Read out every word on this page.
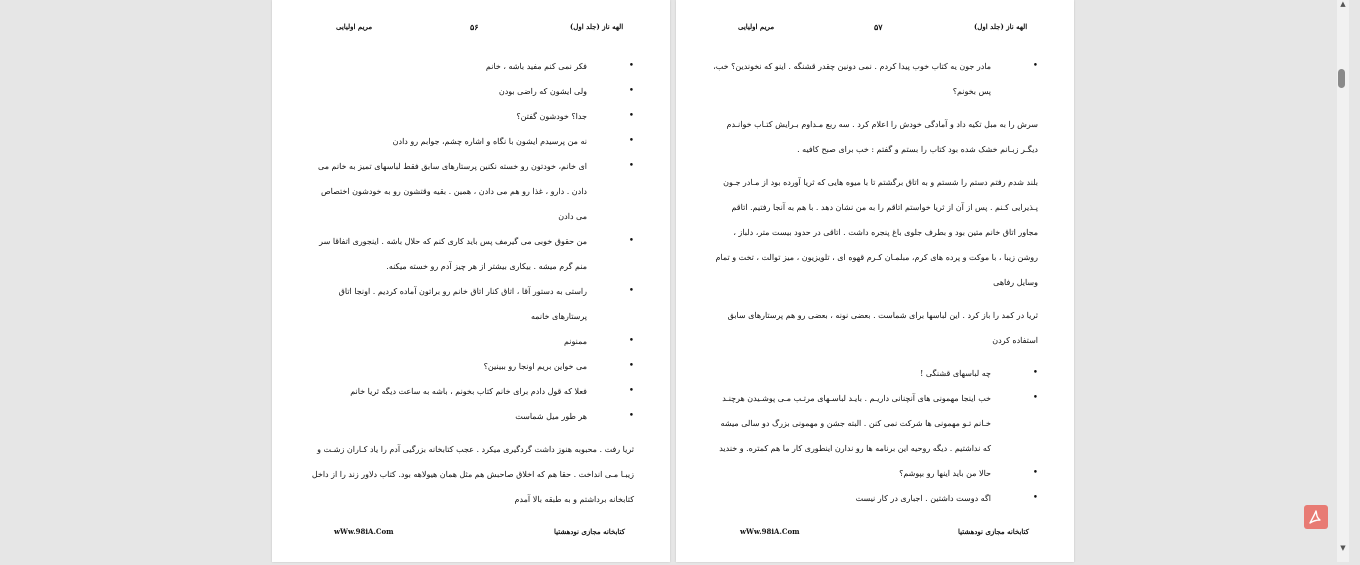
مریم اولیایی	۵۶	الهه ناز (جلد اول)
• فکر نمی کنم مفید باشه ، خانم
• ولی ایشون که راضی بودن
• جدا؟ خودشون گفتن؟
• نه من پرسیدم ایشون با نگاه و اشاره چشم، جوابم رو دادن
• ای خانم، خودتون رو خسته نکنین پرستارهای سابق فقط لباسهای تمیز به خانم می دادن . دارو ، غذا رو هم می دادن ، همین . بقیه وقتشون رو به خودشون اختصاص می دادن
• من حقوق خوبی می گیرمف پس باید کاری کنم که حلال باشه . اینجوری اتفاقا سر منم گرم میشه . بیکاری بیشتر از هر چیز آدم رو خسته میکنه.
• راستی به دستور آقا ، اتاق کنار اتاق خانم رو براتون آماده کردیم . اونجا اتاق پرستارهای خانمه
• ممنونم
• می خواین بریم اونجا رو ببینین؟
• فعلا که قول دادم برای خانم کتاب بخونم ، باشه به ساعت دیگه ثریا خانم
• هر طور میل شماست

ثریا رفت . محبوبه هنوز داشت گردگیری میکرد . عجب کتابخانه بزرگیی آدم را یاد کـاران زشـت و زیبـا مـی انداخت . حقا هم که اخلاق صاحبش هم مثل همان هیولاهه بود. کتاب دلاور زند را از داخل کتابخانه برداشتم و به طبقه بالا آمدم

wWw.98iA.Com	کتابخانه مجازی نودهشتیا
مریم اولیایی	۵۷	الهه ناز (جلد اول)
• مادر جون یه کتاب خوب پیدا کردم . نمی دونین چقدر قشنگه . اینو که نخوندین؟ خب، پس بخونم؟

سرش را به مبل تکیه داد و آمادگی خودش را اعلام کرد . سه ربع مـداوم بـرایش کتـاب خوانـدم دیگـر زبـانم خشک شده بود کتاب را بستم و گفتم : خب برای صبح کافیه .

بلند شدم رفتم دستم را شستم و به اتاق برگشتم تا با میوه هایی که ثریا آورده بود از مـادر جـون پـذیرایی کـنم . پس از آن از ثریا خواستم اتاقم را به من نشان دهد . با هم به آنجا رفتیم. اتاقم مجاور اتاق خانم متین بود و بطرف جلوی باغ پنجره داشت . اتاقی در حدود بیست متر، دلباز ، روشن زیبا ، با موکت و پرده های کرم، مبلمـان کـرم قهوه ای ، تلویزیون ، میز توالت ، تخت و تمام وسایل رفاهی

ثریا در کمد را باز کرد . این لباسها برای شماست . بعضی نونه ، بعضی رو هم پرستارهای سابق استفاده کردن

• چه لباسهای قشنگی !
• خب اینجا مهمونی های آنچنانی داریـم . بایـد لباسـهای مرتـب مـی پوشـیدن هرچنـد خـانم تـو مهمونی ها شرکت نمی کنن . البته جشن و مهمونی بزرگ دو سالی میشه که نداشتیم . دیگه روحیه این برنامه ها رو ندارن اینطوری کار ما هم کمتره. و خندید
• حالا من باید اینها رو بپوشم؟
• اگه دوست داشتین . اجباری در کار نیست
wWw.98iA.Com	کتابخانه مجازی نودهشتیا
▲
▼
